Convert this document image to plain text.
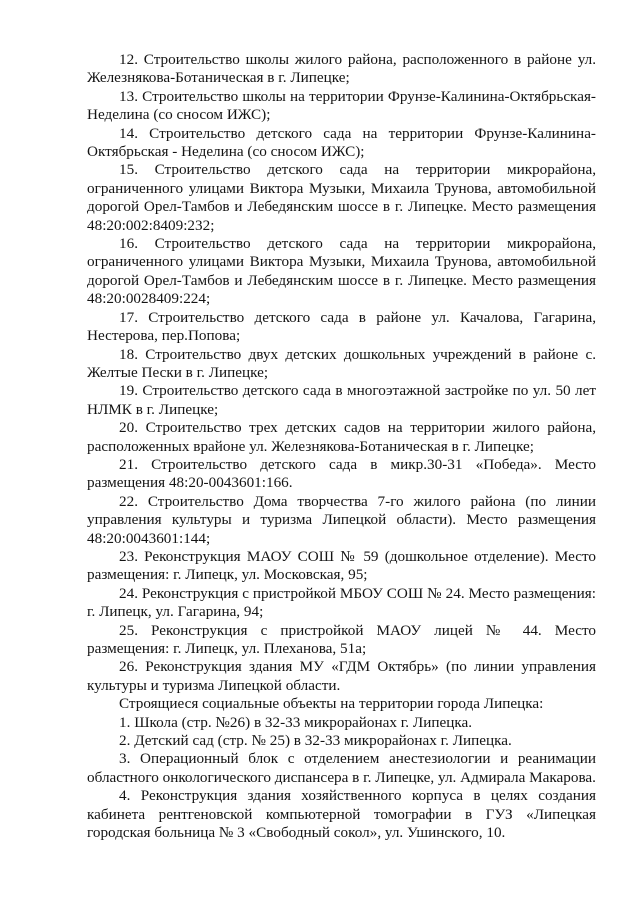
12. Строительство школы жилого района, расположенного в районе ул. Железнякова-Ботаническая в г. Липецке;

13. Строительство школы на территории Фрунзе-Калинина-Октябрьская- Неделина (со сносом ИЖС);

14. Строительство детского сада на территории Фрунзе-Калинина-Октябрьская - Неделина (со сносом ИЖС);

15. Строительство детского сада на территории микрорайона, ограниченного улицами Виктора Музыки, Михаила Трунова, автомобильной дорогой Орел-Тамбов и Лебедянским шоссе в г. Липецке. Место размещения 48:20:002:8409:232;

16. Строительство детского сада на территории микрорайона, ограниченного улицами Виктора Музыки, Михаила Трунова, автомобильной дорогой Орел-Тамбов и Лебедянским шоссе в г. Липецке. Место размещения 48:20:0028409:224;

17. Строительство детского сада в районе ул. Качалова, Гагарина, Нестерова, пер.Попова;

18. Строительство двух детских дошкольных учреждений в районе с. Желтые Пески в г. Липецке;

19. Строительство детского сада в многоэтажной застройке по ул. 50 лет НЛМК в г. Липецке;

20. Строительство трех детских садов на территории жилого района, расположенных врайоне ул. Железнякова-Ботаническая в г. Липецке;

21. Строительство детского сада в микр.30-31 «Победа». Место размещения 48:20-0043601:166.

22. Строительство Дома творчества 7-го жилого района (по линии управления культуры и туризма Липецкой области). Место размещения 48:20:0043601:144;

23. Реконструкция МАОУ СОШ № 59 (дошкольное отделение). Место размещения: г. Липецк, ул. Московская, 95;

24. Реконструкция с пристройкой МБОУ СОШ № 24. Место размещения: г. Липецк, ул. Гагарина, 94;

25. Реконструкция с пристройкой МАОУ лицей № 44. Место размещения: г. Липецк, ул. Плеханова, 51а;

26. Реконструкция здания МУ «ГДМ Октябрь» (по линии управления культуры и туризма Липецкой области.

Строящиеся социальные объекты на территории города Липецка:

1. Школа (стр. №26) в 32-33 микрорайонах г. Липецка.

2. Детский сад (стр. № 25) в 32-33 микрорайонах г. Липецка.

3. Операционный блок с отделением анестезиологии и реанимации областного онкологического диспансера в г. Липецке, ул. Адмирала Макарова.

4. Реконструкция здания хозяйственного корпуса в целях создания кабинета рентгеновской компьютерной томографии в ГУЗ «Липецкая городская больница № 3 «Свободный сокол», ул. Ушинского, 10.
